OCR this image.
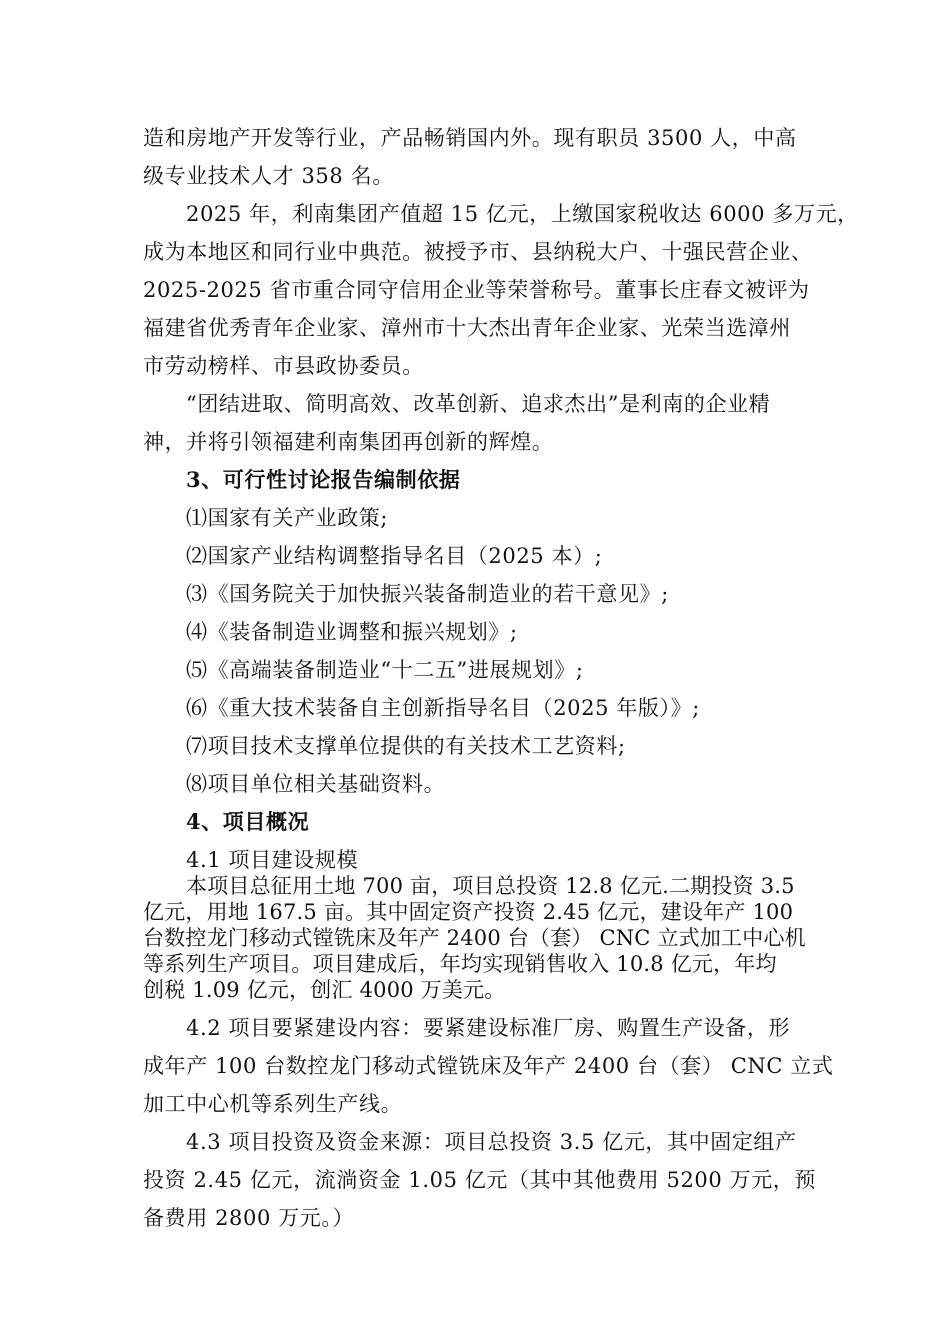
造和房地产开发等行业，产品畅销国内外。现有职员 3500 人，中高

级专业技术人才 358 名。

2025 年，利南集团产值超 15 亿元，上缴国家税收达 6000 多万元，

成为本地区和同行业中典范。被授予市、县纳税大户、十强民营企业、

2025-2025 省市重合同守信用企业等荣誉称号。董事长庄春文被评为

福建省优秀青年企业家、漳州市十大杰出青年企业家、光荣当选漳州

市劳动榜样、市县政协委员。

“团结进取、简明高效、改革创新、追求杰出”是利南的企业精

神，并将引领福建利南集团再创新的辉煌。

3、可行性讨论报告编制依据

⑴国家有关产业政策;

⑵国家产业结构调整指导名目（2025 本）;

⑶《国务院关于加快振兴装备制造业的若干意见》;

⑷《装备制造业调整和振兴规划》;

⑸《高端装备制造业“十二五”进展规划》;

⑹《重大技术装备自主创新指导名目（2025 年版）》;

⑺项目技术支撑单位提供的有关技术工艺资料;

⑻项目单位相关基础资料。

4、项目概况

4.1 项目建设规模

本项目总征用土地 700 亩，项目总投资 12.8 亿元.二期投资 3.5

亿元，用地 167.5 亩。其中固定资产投资 2.45 亿元，建设年产 100

台数控龙门移动式镗铣床及年产 2400 台（套） CNC 立式加工中心机

等系列生产项目。项目建成后，年均实现销售收入 10.8 亿元，年均

创税 1.09 亿元，创汇 4000 万美元。

4.2 项目要紧建设内容：要紧建设标准厂房、购置生产设备，形

成年产 100 台数控龙门移动式镗铣床及年产 2400 台（套） CNC 立式

加工中心机等系列生产线。

4.3 项目投资及资金来源：项目总投资 3.5 亿元，其中固定组产

投资 2.45 亿元，流淌资金 1.05 亿元（其中其他费用 5200 万元，预

备费用 2800 万元。）
